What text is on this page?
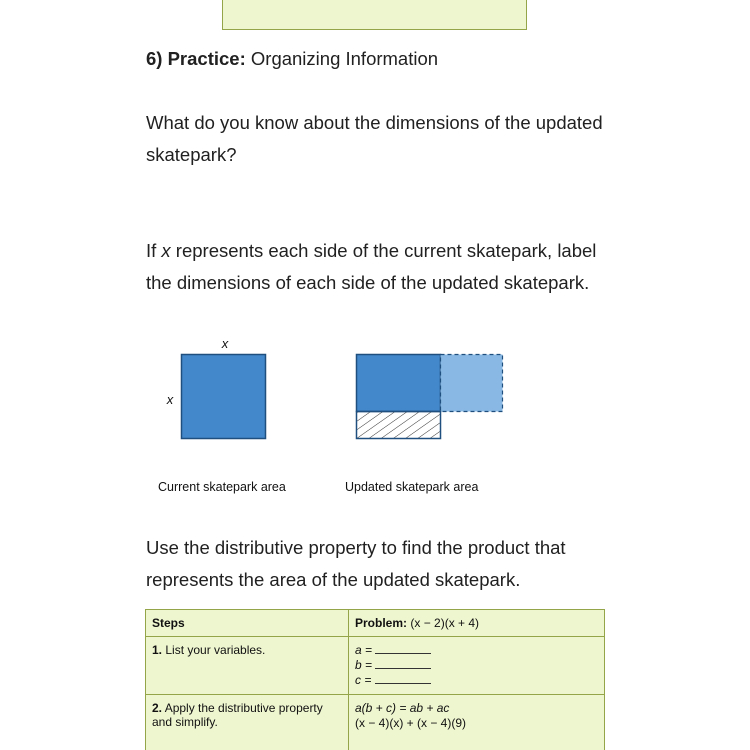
6) Practice: Organizing Information

What do you know about the dimensions of the updated skatepark?

If x represents each side of the current skatepark, label the dimensions of each side of the updated skatepark.

x
x
Current skatepark area	Updated skatepark area

Use the distributive property to find the product that represents the area of the updated skatepark.

Steps	Problem: (x − 2)(x + 4)
1. List your variables.	a =
b =
c =

2. Apply the distributive property and simplify.	a(b + c) = ab + ac
(x − 4)(x) + (x − 4)(9)
